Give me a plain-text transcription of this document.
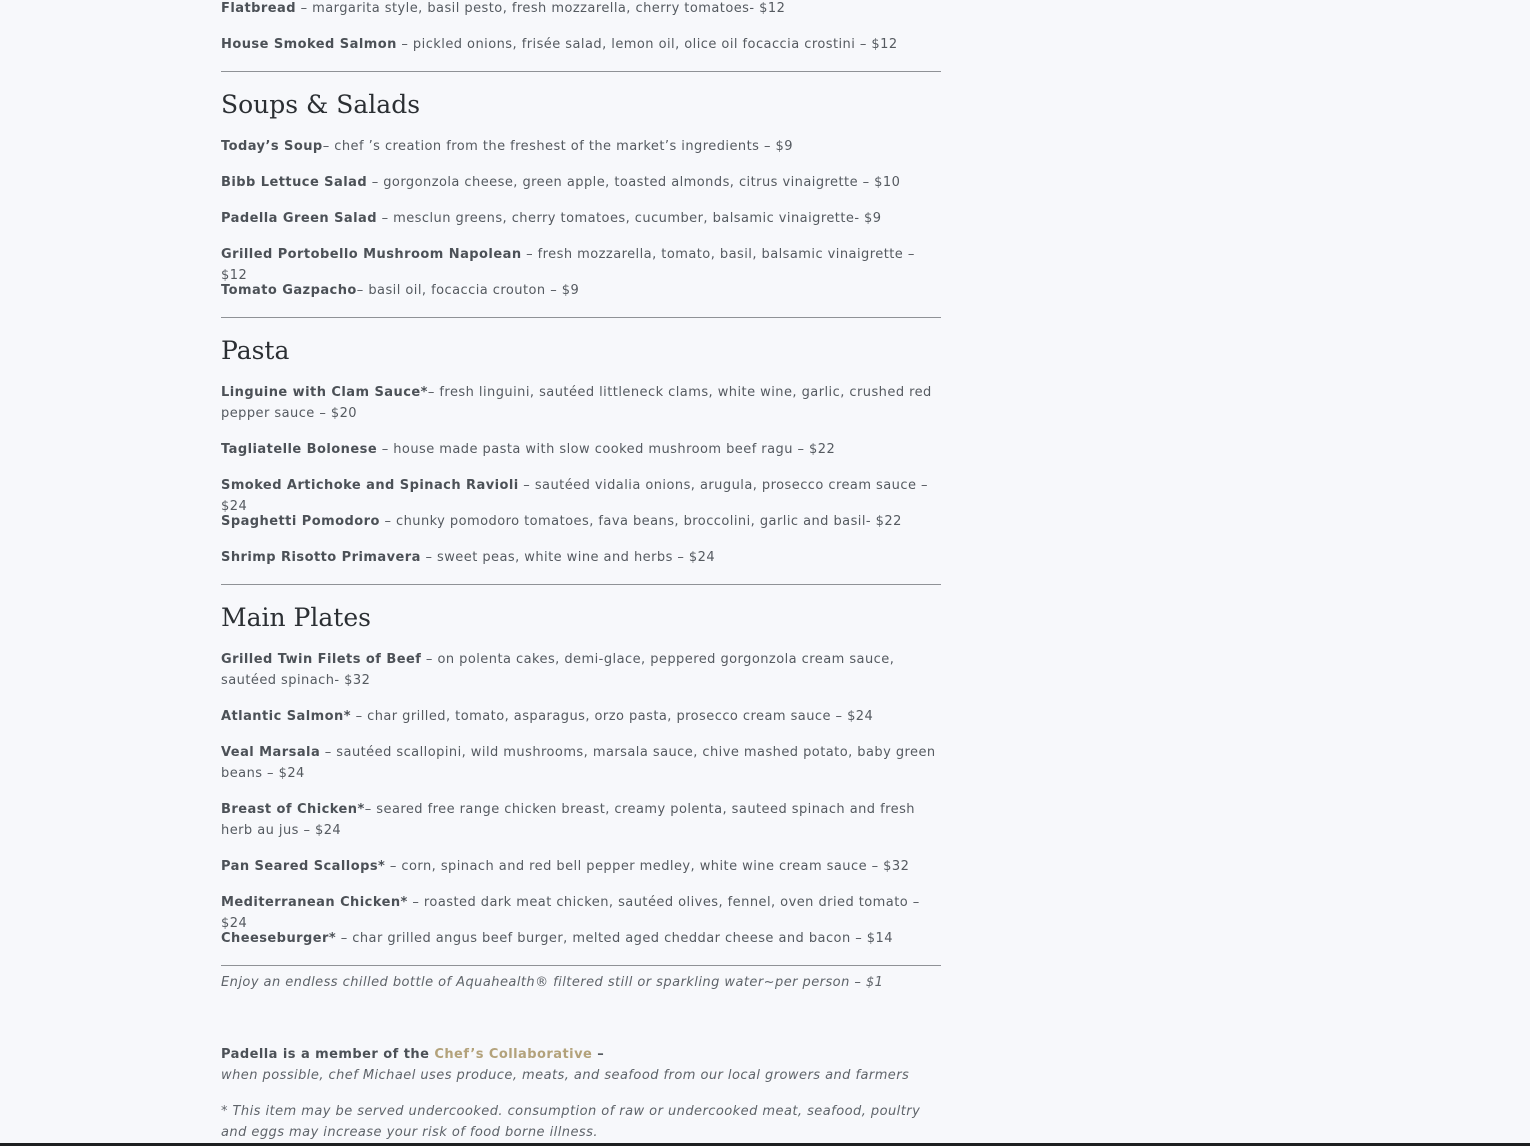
Flatbread – margarita style, basil pesto, fresh mozzarella, cherry tomatoes- $12

House Smoked Salmon – pickled onions, frisée salad, lemon oil, olice oil focaccia crostini – $12

Soups & Salads

Today’s Soup– chef ’s creation from the freshest of the market’s ingredients – $9

Bibb Lettuce Salad – gorgonzola cheese, green apple, toasted almonds, citrus vinaigrette – $10

Padella Green Salad – mesclun greens, cherry tomatoes, cucumber, balsamic vinaigrette- $9

Grilled Portobello Mushroom Napolean – fresh mozzarella, tomato, basil, balsamic vinaigrette – $12

Tomato Gazpacho– basil oil, focaccia crouton – $9

Pasta

Linguine with Clam Sauce*– fresh linguini, sautéed littleneck clams, white wine, garlic, crushed red pepper sauce – $20

Tagliatelle Bolonese – house made pasta with slow cooked mushroom beef ragu – $22

Smoked Artichoke and Spinach Ravioli – sautéed vidalia onions, arugula, prosecco cream sauce – $24

Spaghetti Pomodoro – chunky pomodoro tomatoes, fava beans, broccolini, garlic and basil- $22

Shrimp Risotto Primavera – sweet peas, white wine and herbs – $24

Main Plates

Grilled Twin Filets of Beef – on polenta cakes, demi-glace, peppered gorgonzola cream sauce, sautéed spinach- $32

Atlantic Salmon* – char grilled, tomato, asparagus, orzo pasta, prosecco cream sauce – $24

Veal Marsala – sautéed scallopini, wild mushrooms, marsala sauce, chive mashed potato, baby green beans – $24

Breast of Chicken*– seared free range chicken breast, creamy polenta, sauteed spinach and fresh herb au jus – $24

Pan Seared Scallops* – corn, spinach and red bell pepper medley, white wine cream sauce – $32

Mediterranean Chicken* – roasted dark meat chicken, sautéed olives, fennel, oven dried tomato – $24

Cheeseburger* – char grilled angus beef burger, melted aged cheddar cheese and bacon – $14

Enjoy an endless chilled bottle of Aquahealth® filtered still or sparkling water~per person – $1

Padella is a member of the Chef’s Collaborative –
when possible, chef Michael uses produce, meats, and seafood from our local growers and farmers

* This item may be served undercooked. consumption of raw or undercooked meat, seafood, poultry and eggs may increase your risk of food borne illness.
